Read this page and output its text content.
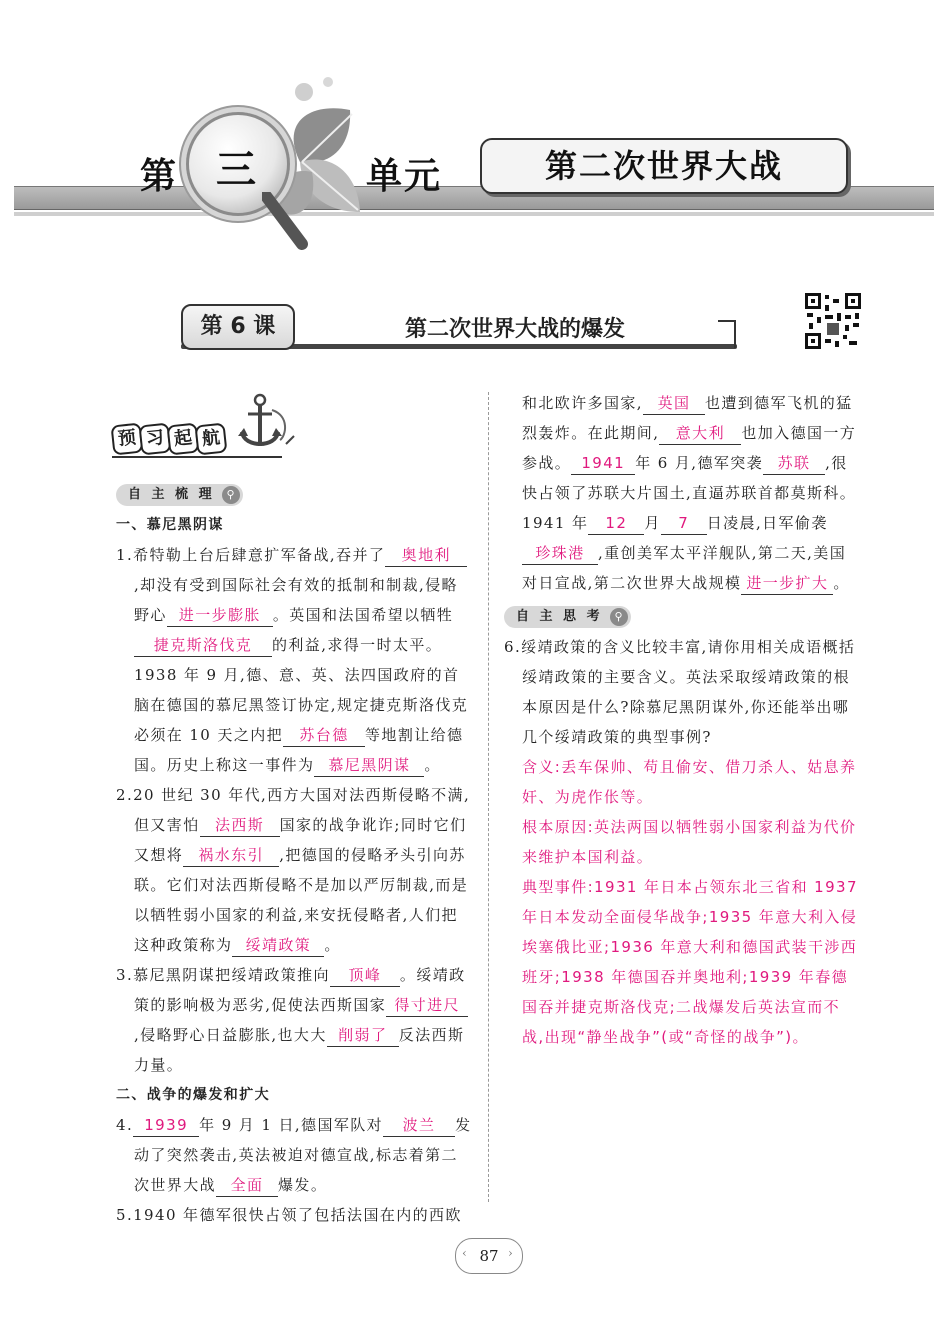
第 三	单元	第二次世界大战
第 6 课	第二次世界大战的爆发
预 习 起 航

自 主 梳 理	⚲

一、慕尼黑阴谋

1.希特勒上台后肆意扩军备战,吞并了 奥地利,却没有受到国际社会有效的抵制和制裁,侵略野心 进一步膨胀 。英国和法国希望以牺牲捷克斯洛伐克 的利益,求得一时太平。1938 年 9 月,德、意、英、法四国政府的首脑在德国的慕尼黑签订协定,规定捷克斯洛伐克必须在 10 天之内把 苏台德 等地割让给德国。历史上称这一事件为 慕尼黑阴谋 。

2.20 世纪 30 年代,西方大国对法西斯侵略不满,但又害怕 法西斯 国家的战争讹诈;同时它们又想将 祸水东引 ,把德国的侵略矛头引向苏联。它们对法西斯侵略不是加以严厉制裁,而是以牺牲弱小国家的利益,来安抚侵略者,人们把这种政策称为 绥靖政策 。

3.慕尼黑阴谋把绥靖政策推向 顶峰 。绥靖政策的影响极为恶劣,促使法西斯国家 得寸进尺,侵略野心日益膨胀,也大大 削弱了 反法西斯力量。

二、战争的爆发和扩大

4. 1939 年 9 月 1 日,德国军队对 波兰 发动了突然袭击,英法被迫对德宣战,标志着第二次世界大战 全面 爆发。

5.1940 年德军很快占领了包括法国在内的西欧

和北欧许多国家, 英国 也遭到德军飞机的猛烈轰炸。在此期间, 意大利 也加入德国一方参战。 1941 年 6 月,德军突袭 苏联 ,很快占领了苏联大片国土,直逼苏联首都莫斯科。1941 年 12 月 7 日凌晨,日军偷袭珍珠港 ,重创美军太平洋舰队,第二天,美国对日宣战,第二次世界大战规模 进一步扩大 。

自 主 思 考	⚲

6.绥靖政策的含义比较丰富,请你用相关成语概括绥靖政策的主要含义。英法采取绥靖政策的根本原因是什么?除慕尼黑阴谋外,你还能举出哪几个绥靖政策的典型事例?

含义:丢车保帅、苟且偷安、借刀杀人、姑息养奸、为虎作伥等。

根本原因:英法两国以牺牲弱小国家利益为代价来维护本国利益。

典型事件:1931 年日本占领东北三省和 1937 年日本发动全面侵华战争;1935 年意大利入侵埃塞俄比亚;1936 年意大利和德国武装干涉西班牙;1938 年德国吞并奥地利;1939 年春德国吞并捷克斯洛伐克;二战爆发后英法宣而不战,出现“静坐战争”(或“奇怪的战争”)。

87
‹	›
